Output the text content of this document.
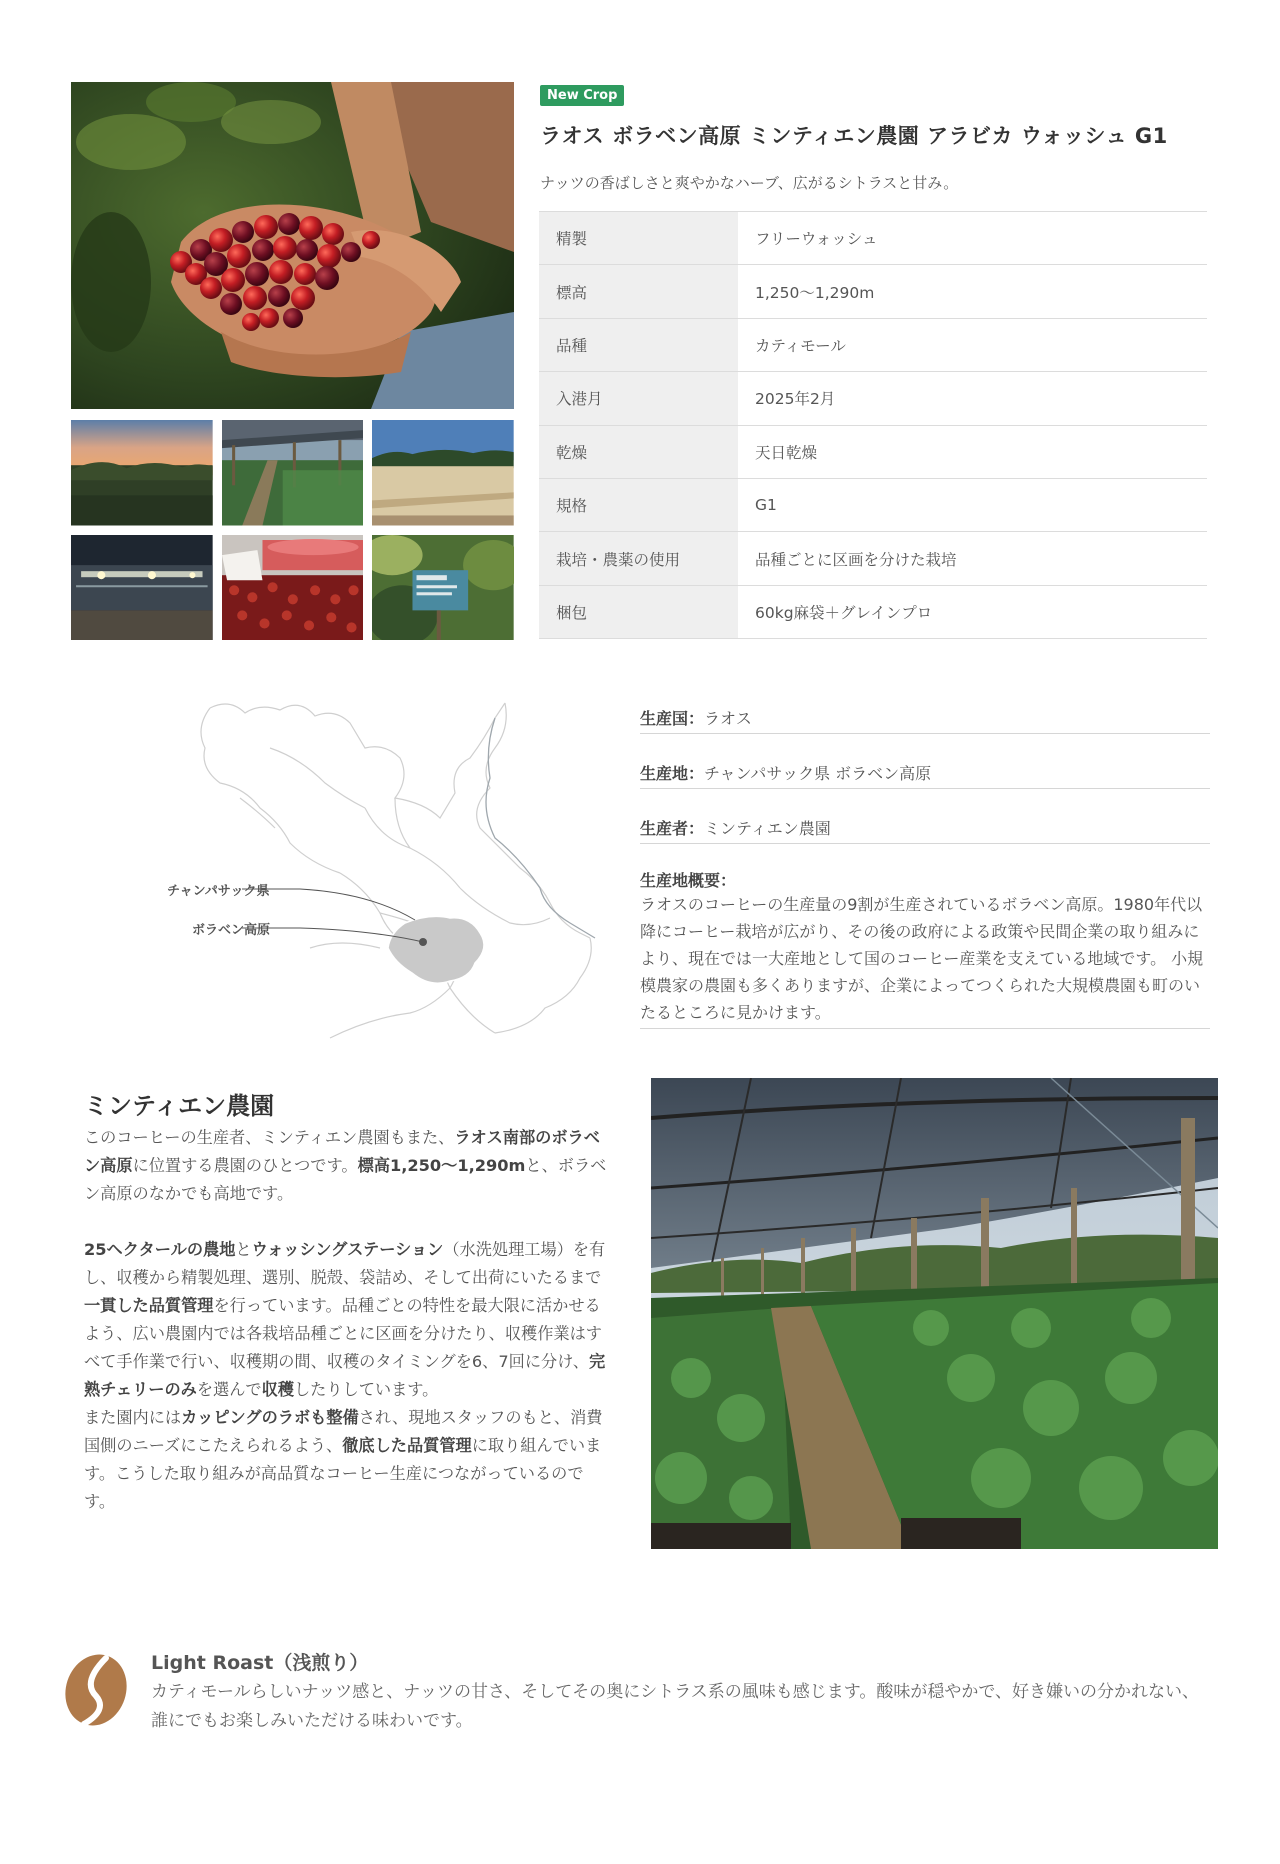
New Crop
ラオス ボラベン高原 ミンティエン農園 アラビカ ウォッシュ G1

ナッツの香ばしさと爽やかなハーブ、広がるシトラスと甘み。

精製	フリーウォッシュ
標高	1,250〜1,290m
品種	カティモール
入港月	2025年2月
乾燥	天日乾燥
規格	G1
栽培・農薬の使用	品種ごとに区画を分けた栽培
梱包	60kg麻袋＋グレインプロ
チャンパサック県
ボラベン高原
生産国：ラオス
生産地：チャンパサック県 ボラベン高原
生産者：ミンティエン農園
生産地概要：
ラオスのコーヒーの生産量の9割が生産されているボラベン高原。1980年代以降にコーヒー栽培が広がり、その後の政府による政策や民間企業の取り組みにより、現在では一大産地として国のコーヒー産業を支えている地域です。 小規模農家の農園も多くありますが、企業によってつくられた大規模農園も町のいたるところに見かけます。
ミンティエン農園

このコーヒーの生産者、ミンティエン農園もまた、ラオス南部のボラベン高原に位置する農園のひとつです。標高1,250〜1,290mと、ボラベン高原のなかでも高地です。

25ヘクタールの農地とウォッシングステーション（水洗処理工場）を有し、収穫から精製処理、選別、脱殻、袋詰め、そして出荷にいたるまで一貫した品質管理を行っています。品種ごとの特性を最大限に活かせるよう、広い農園内では各栽培品種ごとに区画を分けたり、収穫作業はすべて手作業で行い、収穫期の間、収穫のタイミングを6、7回に分け、完熟チェリーのみを選んで収穫したりしています。

また園内にはカッピングのラボも整備され、現地スタッフのもと、消費国側のニーズにこたえられるよう、徹底した品質管理に取り組んでいます。こうした取り組みが高品質なコーヒー生産につながっているのです。

Light Roast（浅煎り）

カティモールらしいナッツ感と、ナッツの甘さ、そしてその奥にシトラス系の風味も感じます。酸味が穏やかで、好き嫌いの分かれない、誰にでもお楽しみいただける味わいです。
